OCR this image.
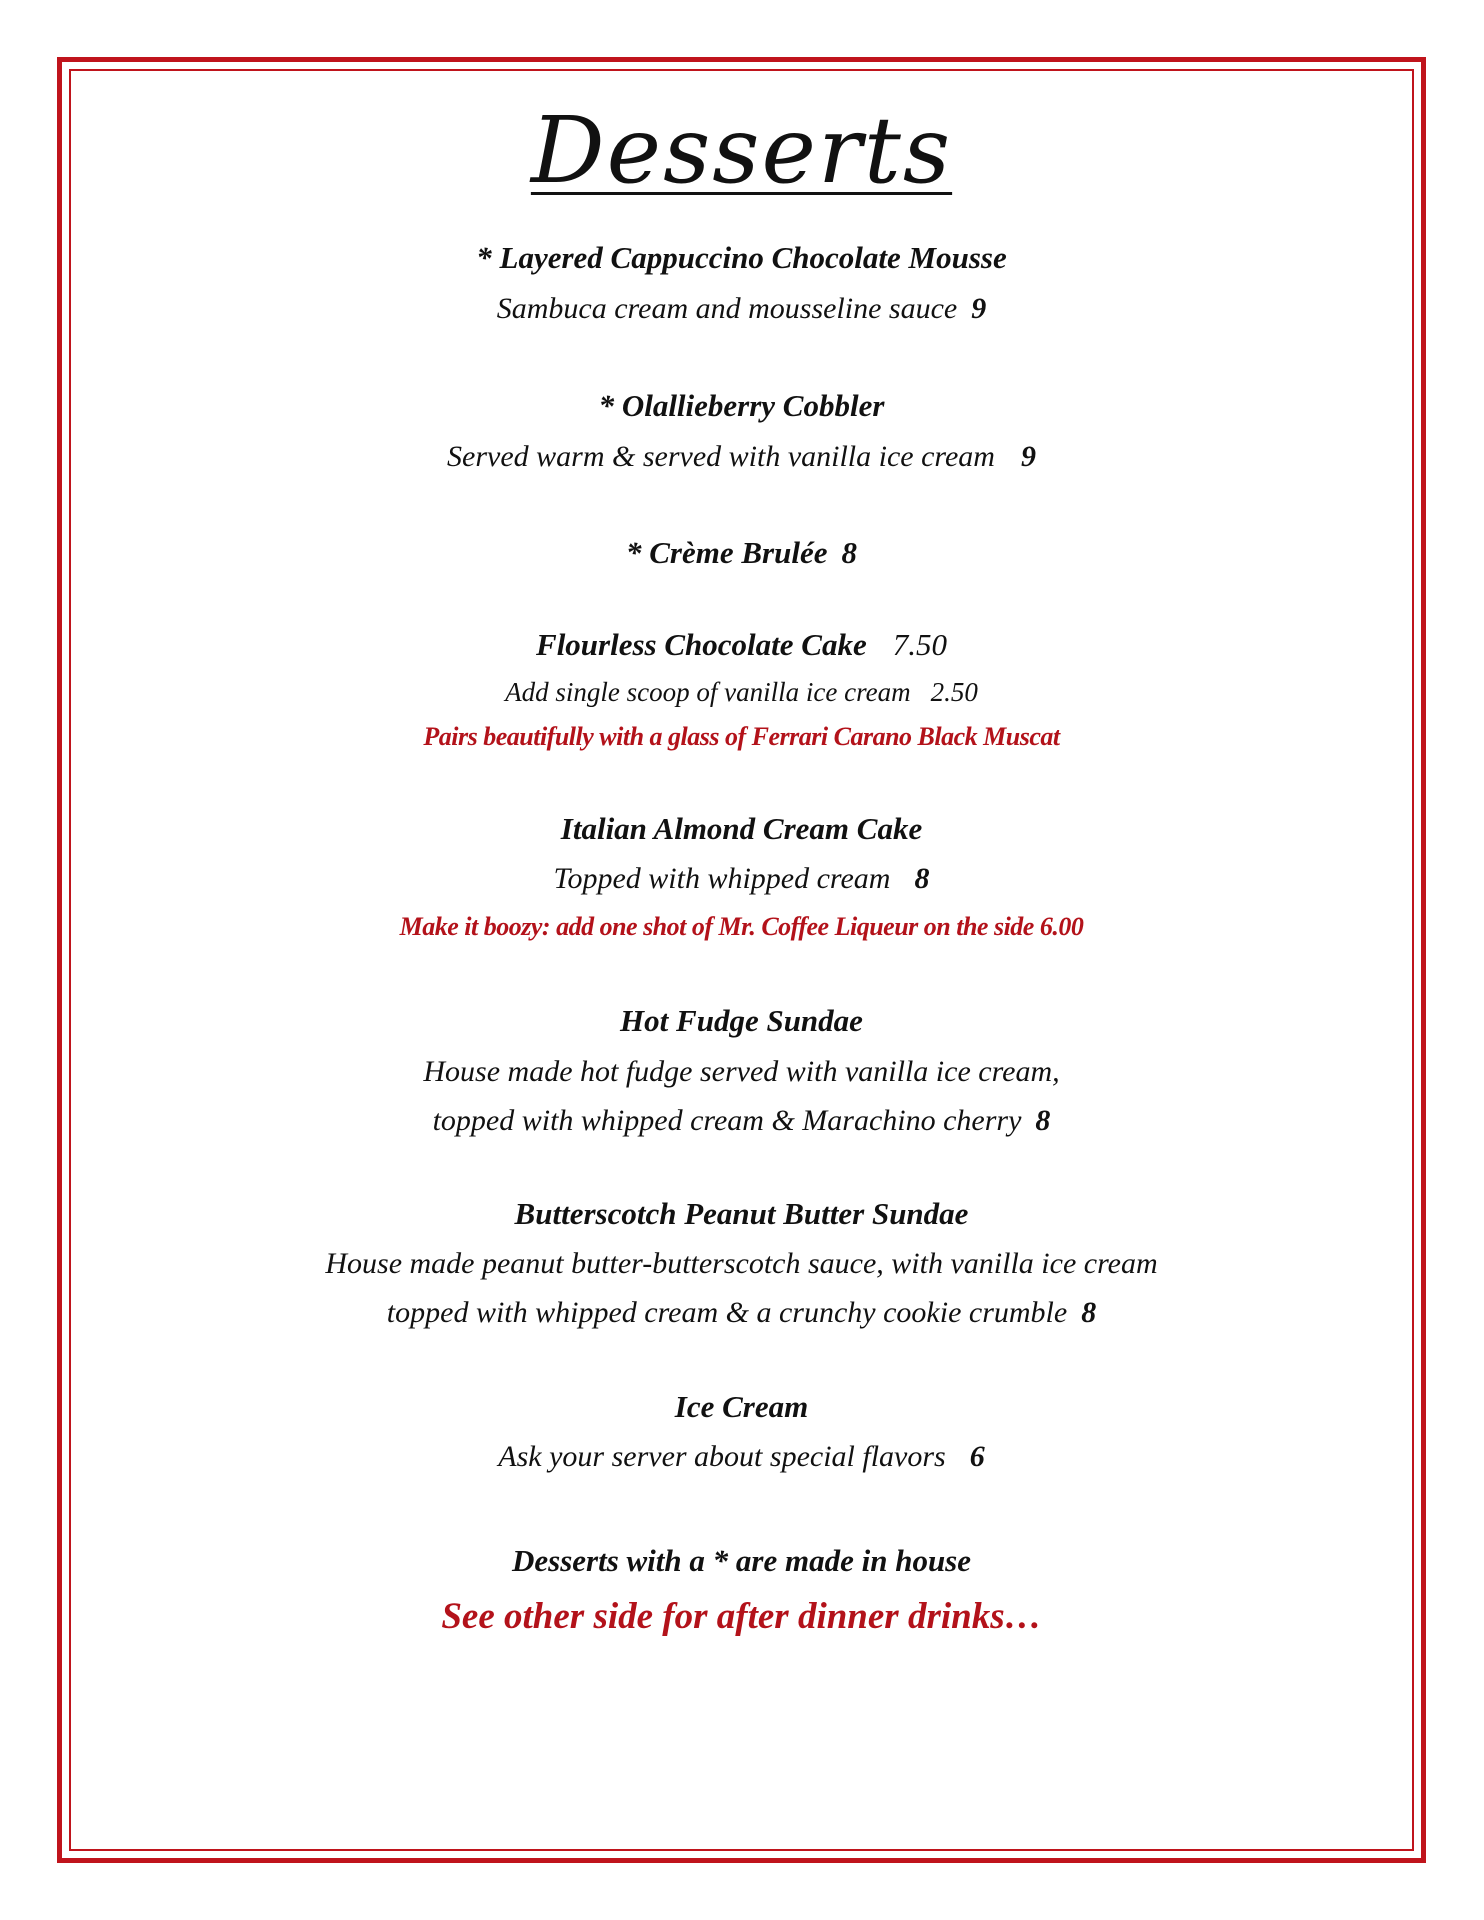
Desserts
* Layered Cappuccino Chocolate Mousse
Sambuca cream and mousseline sauce 9
* Olallieberry Cobbler
Served warm & served with vanilla ice cream 9
* Crème Brulée 8
Flourless Chocolate Cake 7.50
Add single scoop of vanilla ice cream 2.50
Pairs beautifully with a glass of Ferrari Carano Black Muscat
Italian Almond Cream Cake
Topped with whipped cream 8
Make it boozy: add one shot of Mr. Coffee Liqueur on the side 6.00
Hot Fudge Sundae
House made hot fudge served with vanilla ice cream,
topped with whipped cream & Marachino cherry 8
Butterscotch Peanut Butter Sundae
House made peanut butter-butterscotch sauce, with vanilla ice cream
topped with whipped cream & a crunchy cookie crumble 8
Ice Cream
Ask your server about special flavors 6
Desserts with a * are made in house
See other side for after dinner drinks…
